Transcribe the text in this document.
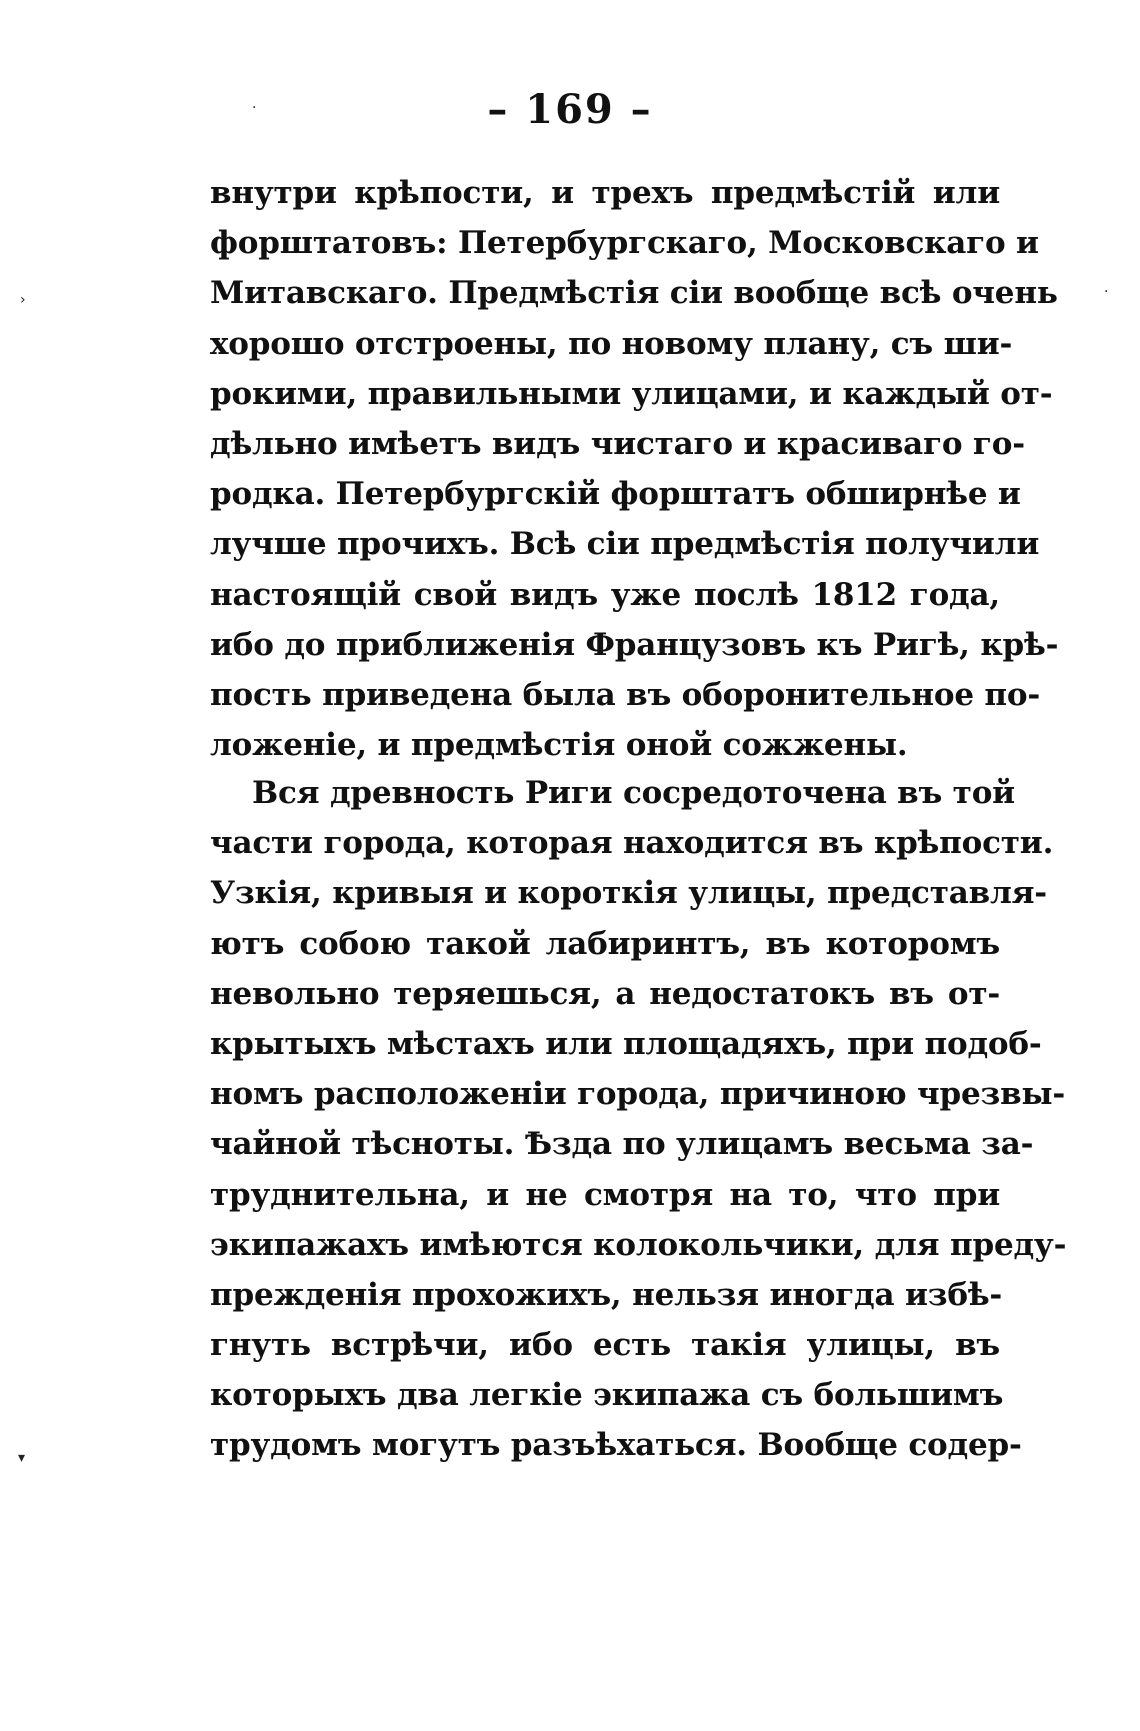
– 169 –
внутри крѣпости, и трехъ предмѣстій или
форштатовъ: Петербургскаго, Московскаго и
Митавскаго. Предмѣстія сіи вообще всѣ очень
хорошо отстроены, по новому плану, съ ши-
рокими, правильными улицами, и каждый от-
дѣльно имѣетъ видъ чистаго и красиваго го-
родка. Петербургскій форштатъ обширнѣе и
лучше прочихъ. Всѣ сіи предмѣстія получили
настоящій свой видъ уже послѣ 1812 года,
ибо до приближенія Французовъ къ Ригѣ, крѣ-
пость приведена была въ оборонительное по-
ложеніе, и предмѣстія оной сожжены.
Вся древность Риги сосредоточена въ той
части города, которая находится въ крѣпости.
Узкія, кривыя и короткія улицы, представля-
ютъ собою такой лабиринтъ, въ которомъ
невольно теряешься, а недостатокъ въ от-
крытыхъ мѣстахъ или площадяхъ, при подоб-
номъ расположеніи города, причиною чрезвы-
чайной тѣсноты. Ѣзда по улицамъ весьма за-
труднительна, и не смотря на то, что при
экипажахъ имѣются колокольчики, для преду-
прежденія прохожихъ, нельзя иногда избѣ-
гнуть встрѣчи, ибо есть такія улицы, въ
которыхъ два легкіе экипажа съ большимъ
трудомъ могутъ разъѣхаться. Вообще содер-
·
›	·
▾
